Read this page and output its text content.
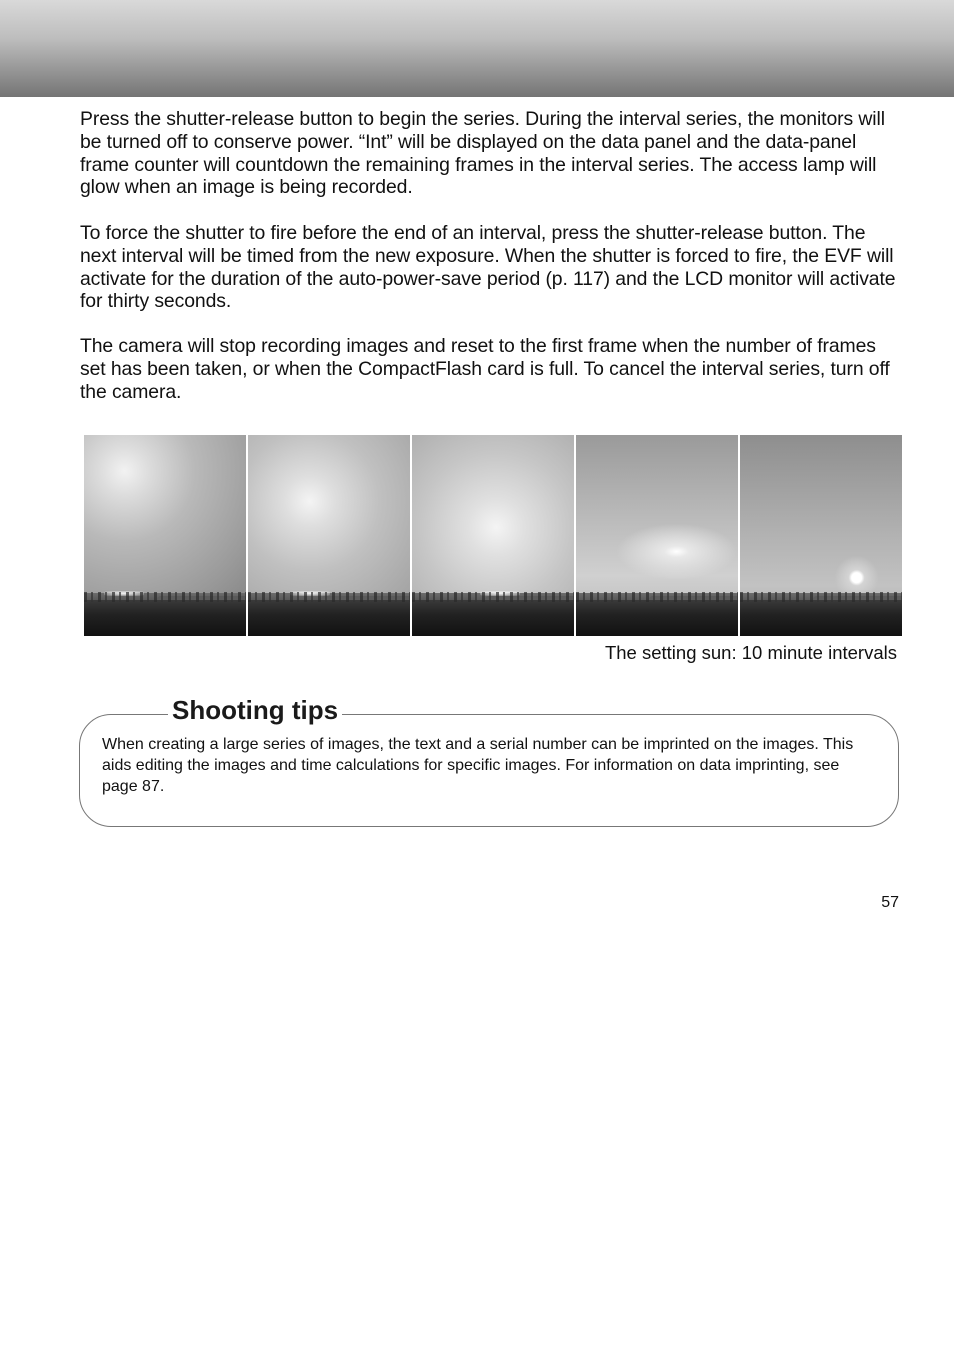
Press the shutter-release button to begin the series. During the interval series, the monitors will be turned off to conserve power. “Int” will be displayed on the data panel and the data-panel frame counter will countdown the remaining frames in the interval series. The access lamp will glow when an image is being recorded.

To force the shutter to fire before the end of an interval, press the shutter-release button. The next interval will be timed from the new exposure. When the shutter is forced to fire, the EVF will activate for the duration of the auto-power-save period (p. 117) and the LCD monitor will activate for thirty seconds.

The camera will stop recording images and reset to the first frame when the number of frames set has been taken, or when the CompactFlash card is full. To cancel the interval series, turn off the camera.

The setting sun: 10 minute intervals

Shooting tips

When creating a large series of images, the text and a serial number can be imprinted on the images. This aids editing the images and time calculations for specific images. For information on data imprinting, see page 87.

57
